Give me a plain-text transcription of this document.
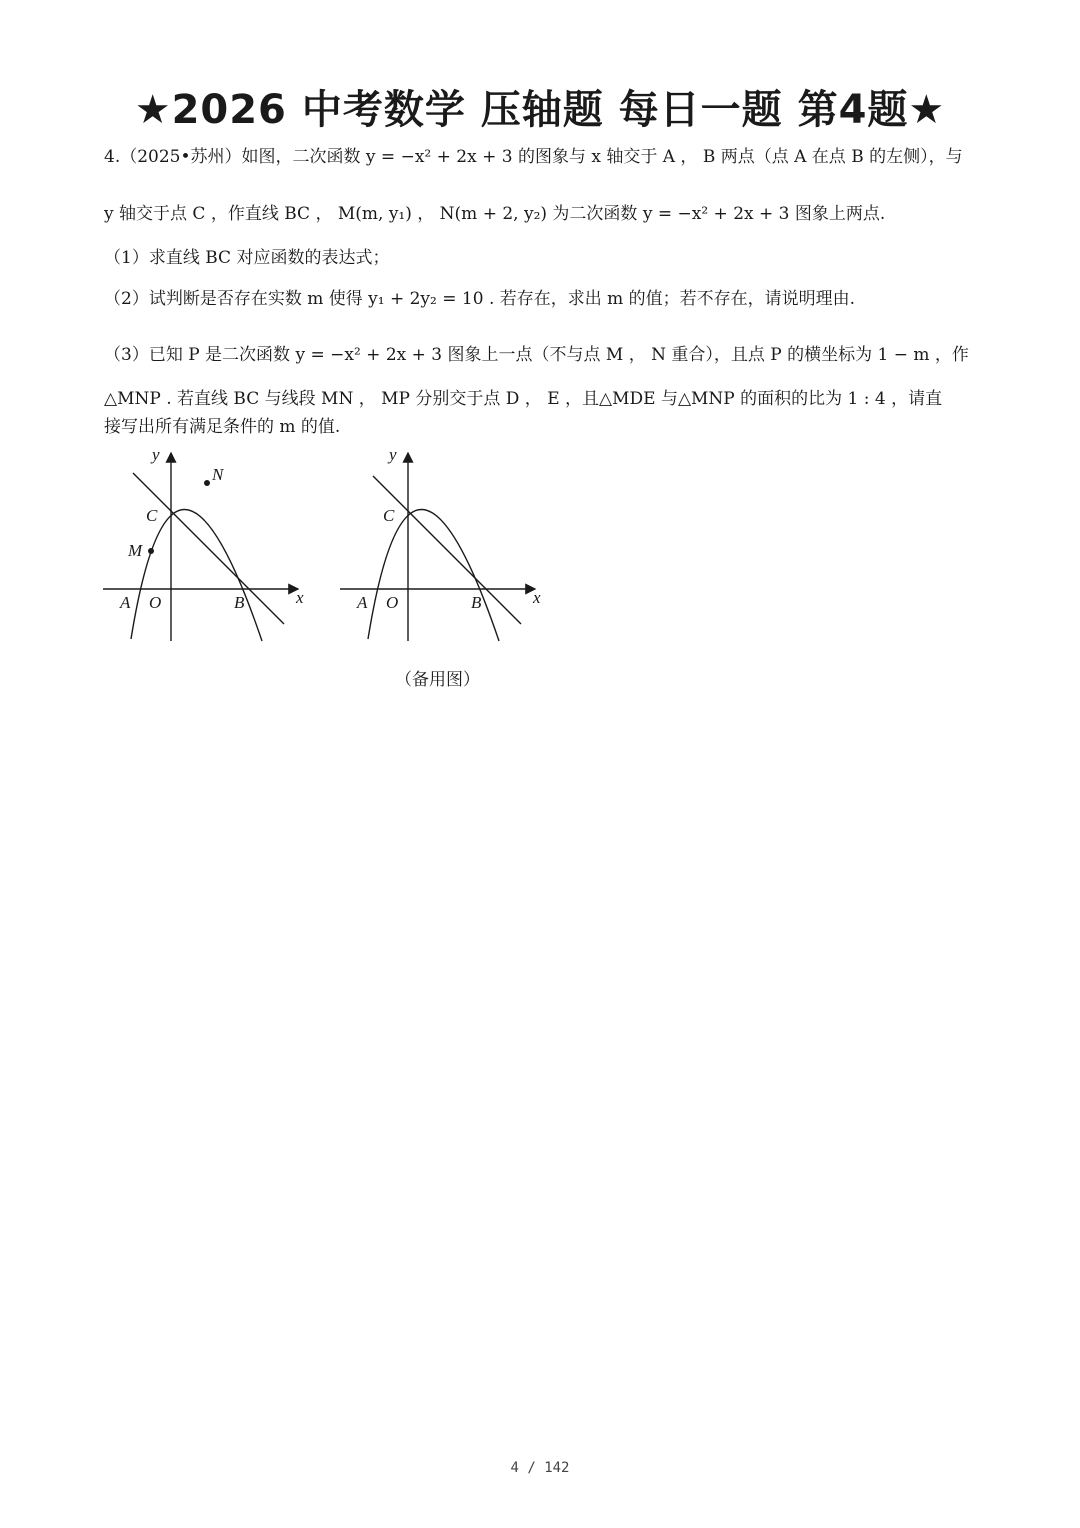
★2026 中考数学 压轴题 每日一题 第4题★
4.（2025•苏州）如图，二次函数 y = −x² + 2x + 3 的图象与 x 轴交于 A ， B 两点（点 A 在点 B 的左侧），与
y 轴交于点 C ，作直线 BC ， M(m, y₁) ， N(m + 2, y₂) 为二次函数 y = −x² + 2x + 3 图象上两点.
（1）求直线 BC 对应函数的表达式；
（2）试判断是否存在实数 m 使得 y₁ + 2y₂ = 10 . 若存在，求出 m 的值；若不存在，请说明理由.
（3）已知 P 是二次函数 y = −x² + 2x + 3 图象上一点（不与点 M ， N 重合），且点 P 的横坐标为 1 − m ，作
△MNP . 若直线 BC 与线段 MN ， MP 分别交于点 D ， E ，且△MDE 与△MNP 的面积的比为 1 : 4 ，请直
接写出所有满足条件的 m 的值.
y
N
C
M
A O	B	x
y
C
A O	B	x
（备用图）
4 / 142
